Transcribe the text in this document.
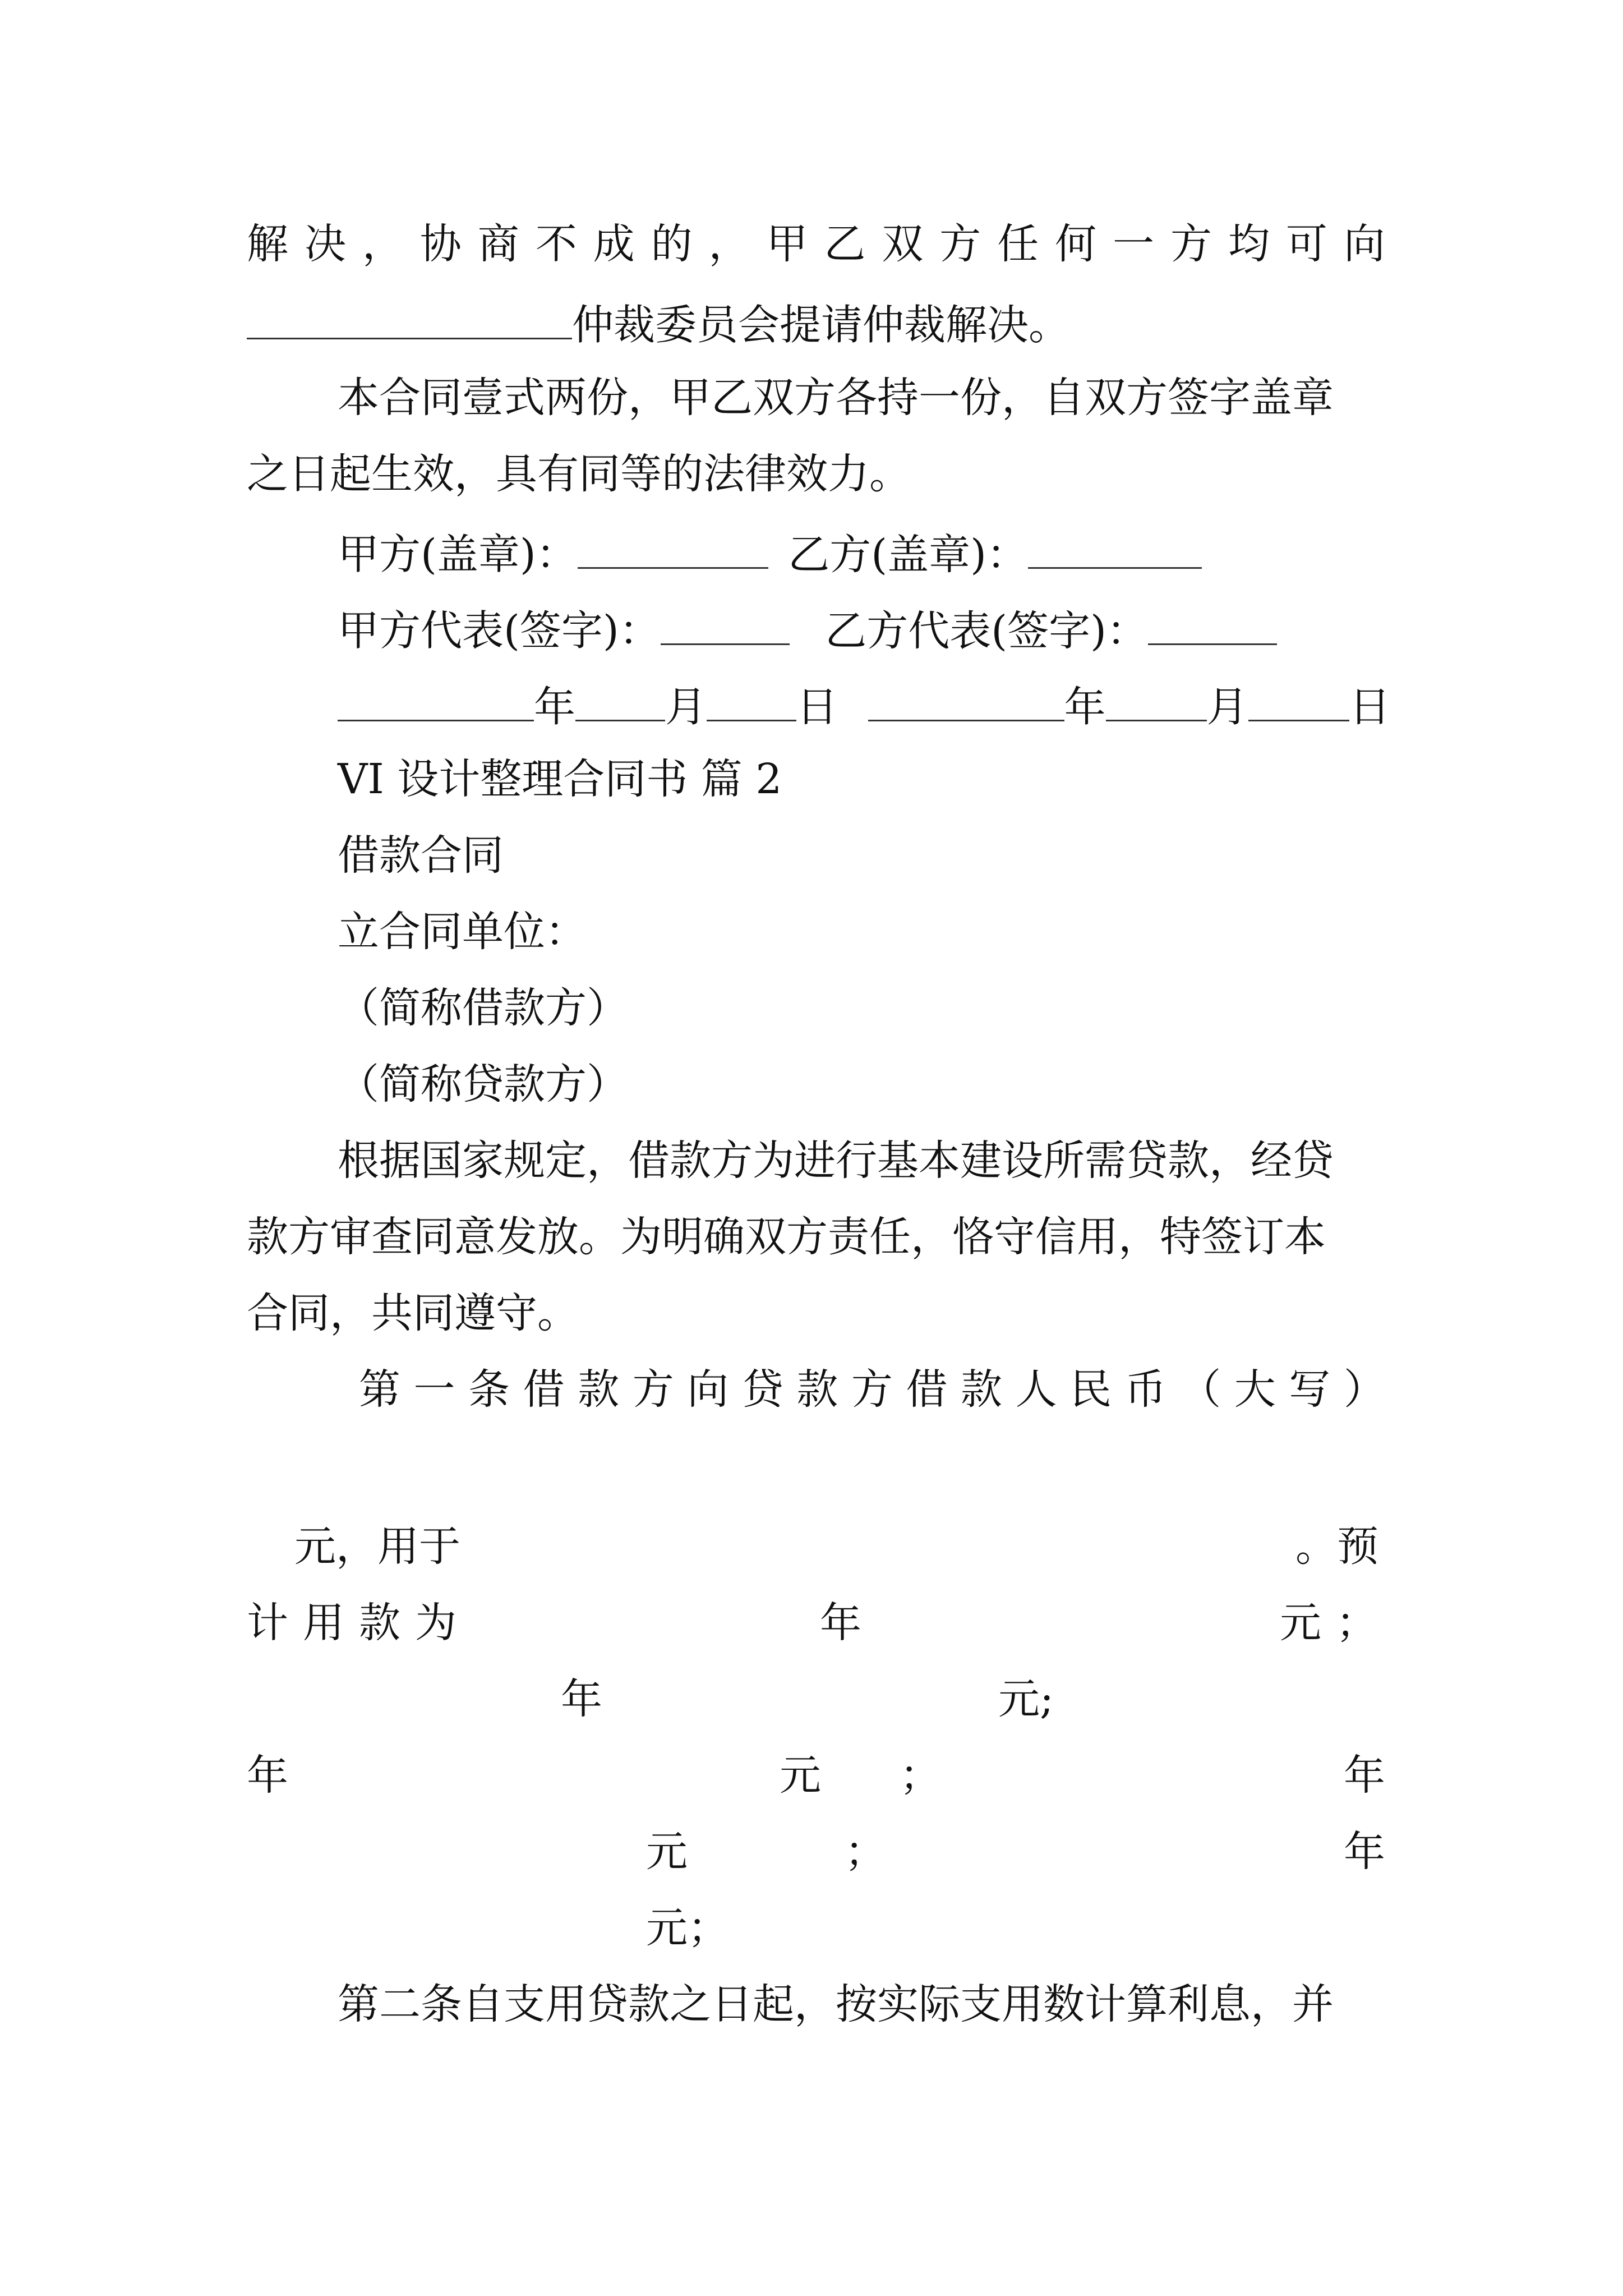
解 决 ， 协 商 不 成 的 ， 甲 乙 双 方 任 何 一 方 均 可 向
仲裁委员会提请仲裁解决。
本合同壹式两份，甲乙双方各持一份，自双方签字盖章
之日起生效，具有同等的法律效力。
甲方(盖章)：	乙方(盖章)：
甲方代表(签字)：	乙方代表(签字)：
年 月 日	年 月 日
VI 设计整理合同书 篇 2
借款合同
立合同单位：
（简称借款方）
（简称贷款方）
根据国家规定，借款方为进行基本建设所需贷款，经贷
款方审查同意发放。为明确双方责任，恪守信用，特签订本
合同，共同遵守。
第 一 条 借 款 方 向 贷 款 方 借 款 人 民 币 （ 大 写 ）
元，用于	。预
计用款为	年	元；
年	元;
年	元；	年
元；	年
元；
第二条自支用贷款之日起，按实际支用数计算利息，并
